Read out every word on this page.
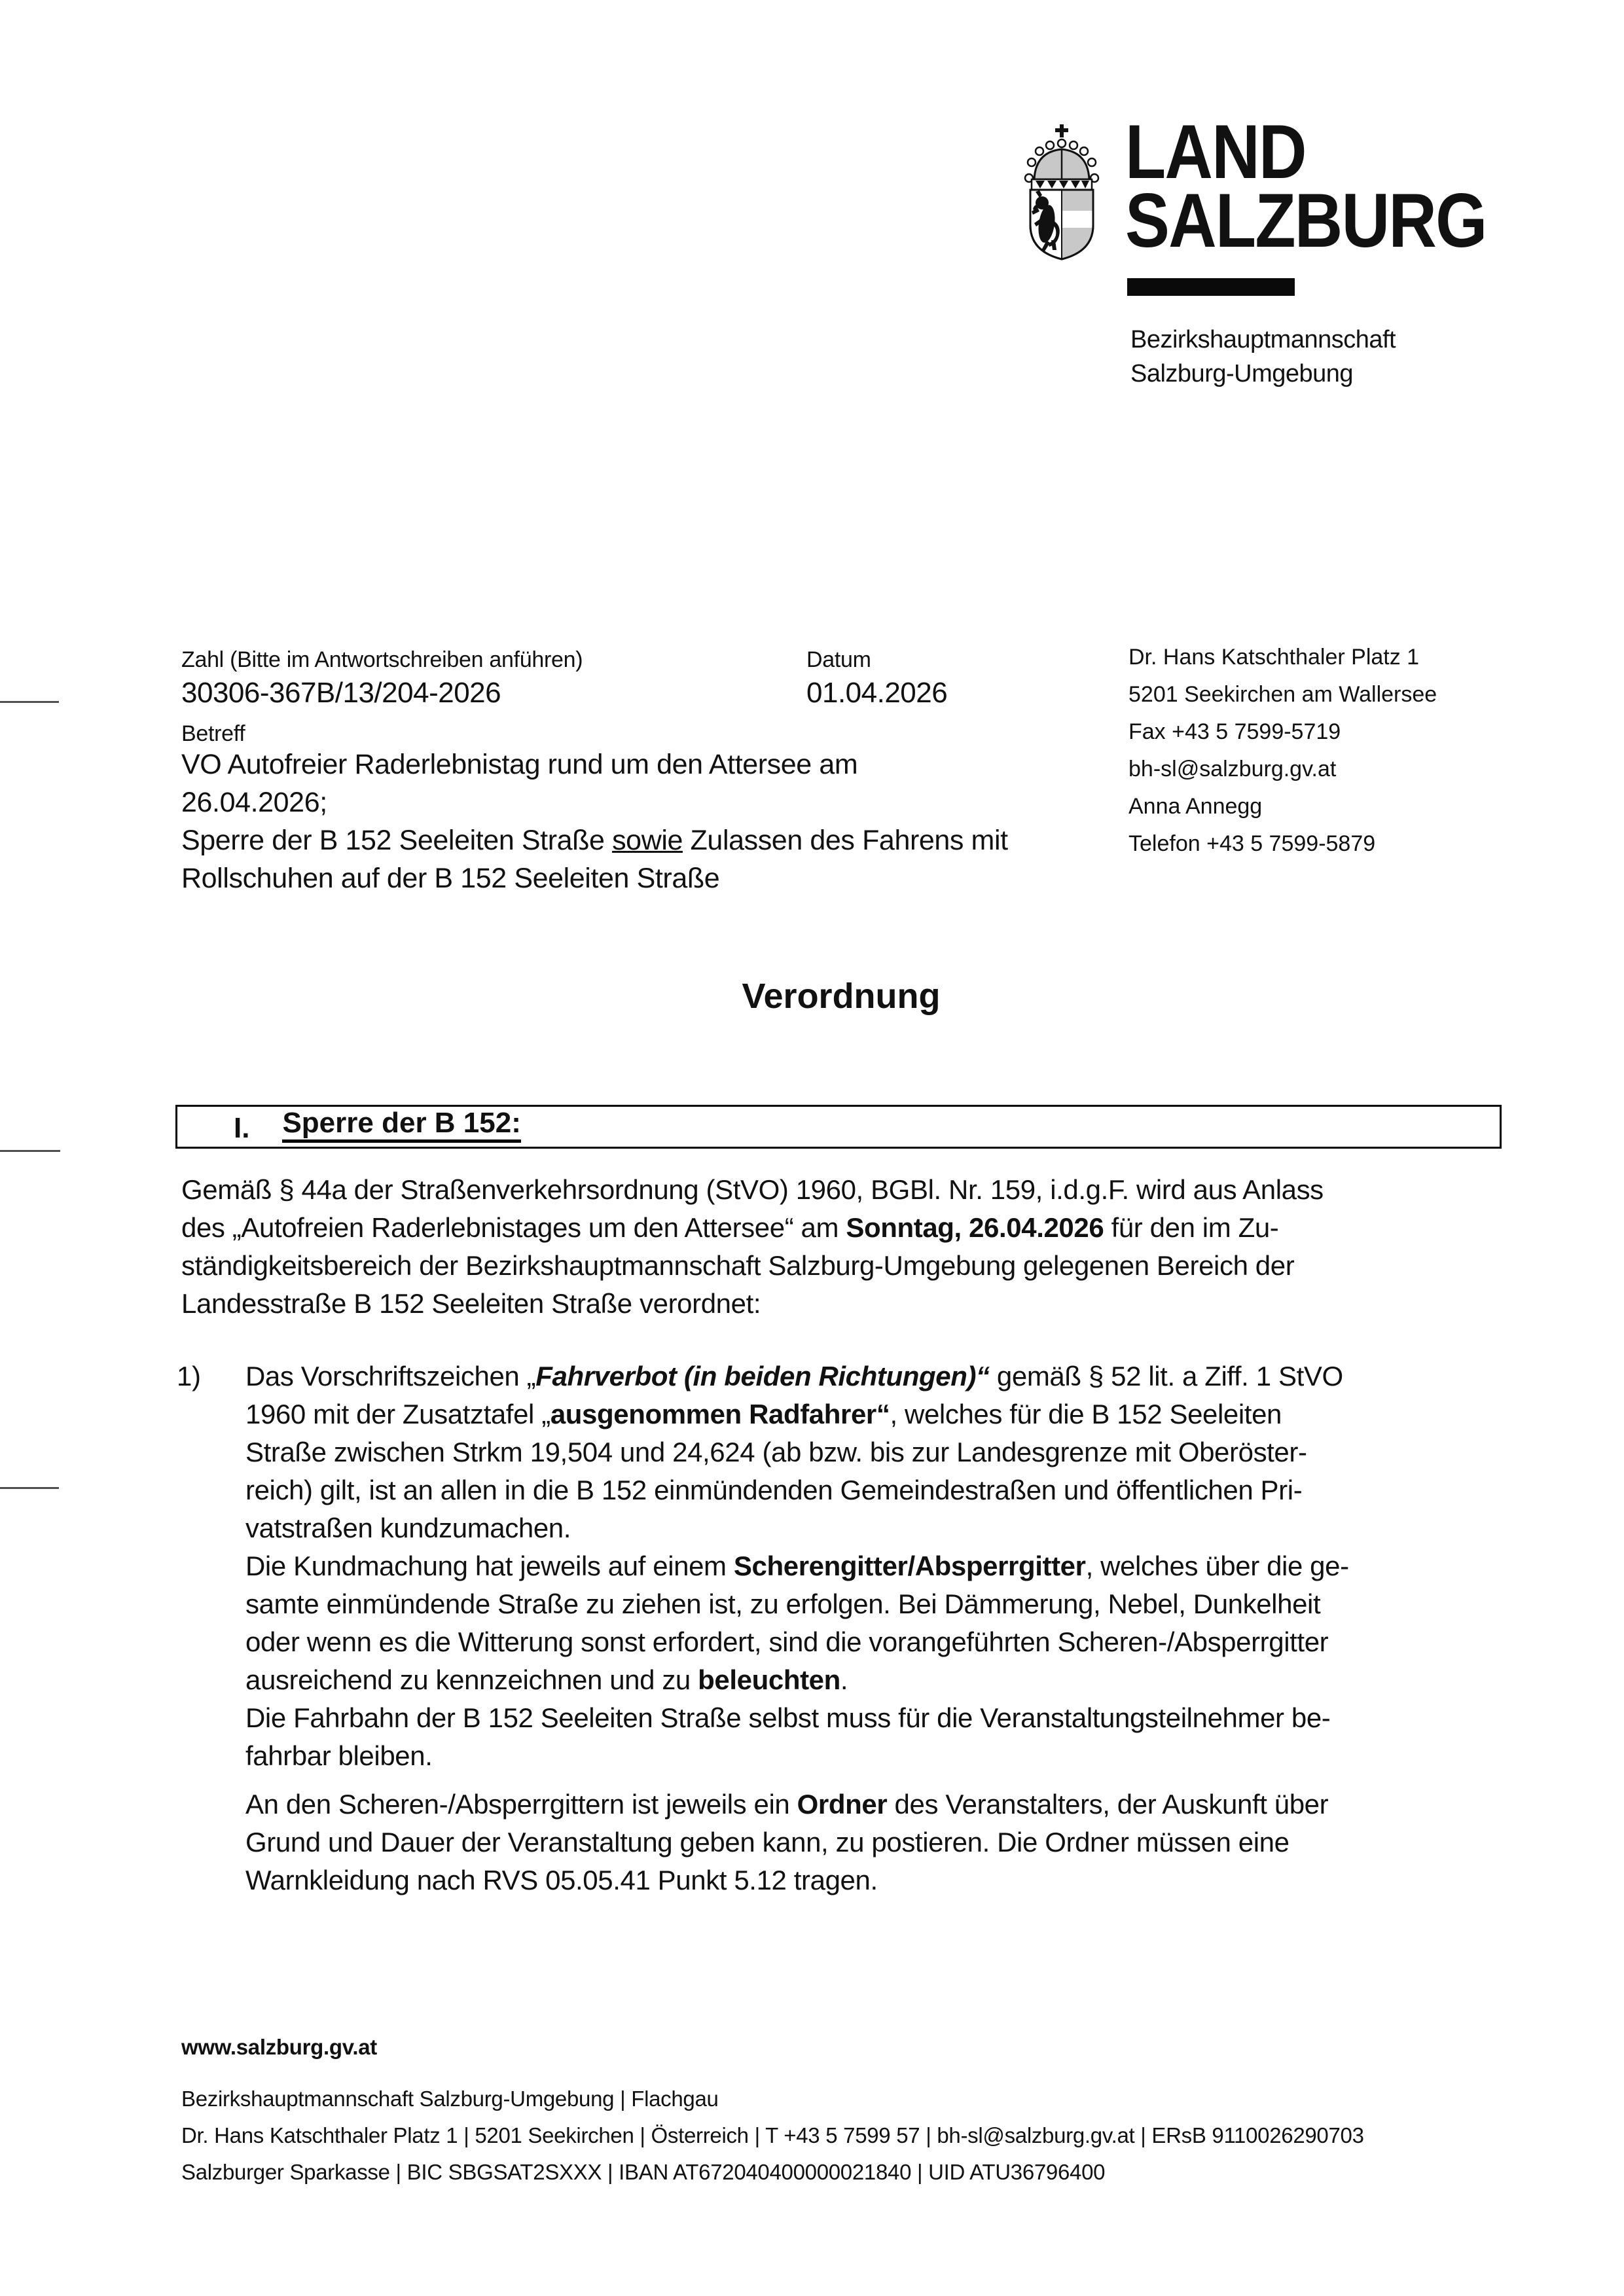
LAND
SALZBURG
Bezirkshauptmannschaft
Salzburg-Umgebung
Zahl (Bitte im Antwortschreiben anführen)
30306-367B/13/204-2026
Datum
01.04.2026
Betreff
VO Autofreier Raderlebnistag rund um den Attersee am
26.04.2026;
Sperre der B 152 Seeleiten Straße sowie Zulassen des Fahrens mit
Rollschuhen auf der B 152 Seeleiten Straße
Dr. Hans Katschthaler Platz 1
5201 Seekirchen am Wallersee
Fax +43 5 7599-5719
bh-sl@salzburg.gv.at
Anna Annegg
Telefon +43 5 7599-5879
Verordnung
I. Sperre der B 152:
Gemäß § 44a der Straßenverkehrsordnung (StVO) 1960, BGBl. Nr. 159, i.d.g.F. wird aus Anlass
des „Autofreien Raderlebnistages um den Attersee“ am Sonntag, 26.04.2026 für den im Zu-
ständigkeitsbereich der Bezirkshauptmannschaft Salzburg-Umgebung gelegenen Bereich der
Landesstraße B 152 Seeleiten Straße verordnet:
1) Das Vorschriftszeichen „Fahrverbot (in beiden Richtungen)“ gemäß § 52 lit. a Ziff. 1 StVO
1960 mit der Zusatztafel „ausgenommen Radfahrer“, welches für die B 152 Seeleiten
Straße zwischen Strkm 19,504 und 24,624 (ab bzw. bis zur Landesgrenze mit Oberöster-
reich) gilt, ist an allen in die B 152 einmündenden Gemeindestraßen und öffentlichen Pri-
vatstraßen kundzumachen.
Die Kundmachung hat jeweils auf einem Scherengitter/Absperrgitter, welches über die ge-
samte einmündende Straße zu ziehen ist, zu erfolgen. Bei Dämmerung, Nebel, Dunkelheit
oder wenn es die Witterung sonst erfordert, sind die vorangeführten Scheren-/Absperrgitter
ausreichend zu kennzeichnen und zu beleuchten.
Die Fahrbahn der B 152 Seeleiten Straße selbst muss für die Veranstaltungsteilnehmer be-
fahrbar bleiben.
An den Scheren-/Absperrgittern ist jeweils ein Ordner des Veranstalters, der Auskunft über
Grund und Dauer der Veranstaltung geben kann, zu postieren. Die Ordner müssen eine
Warnkleidung nach RVS 05.05.41 Punkt 5.12 tragen.
www.salzburg.gv.at
Bezirkshauptmannschaft Salzburg-Umgebung | Flachgau
Dr. Hans Katschthaler Platz 1 | 5201 Seekirchen | Österreich | T +43 5 7599 57 | bh-sl@salzburg.gv.at | ERsB 9110026290703
Salzburger Sparkasse | BIC SBGSAT2SXXX | IBAN AT672040400000021840 | UID ATU36796400
